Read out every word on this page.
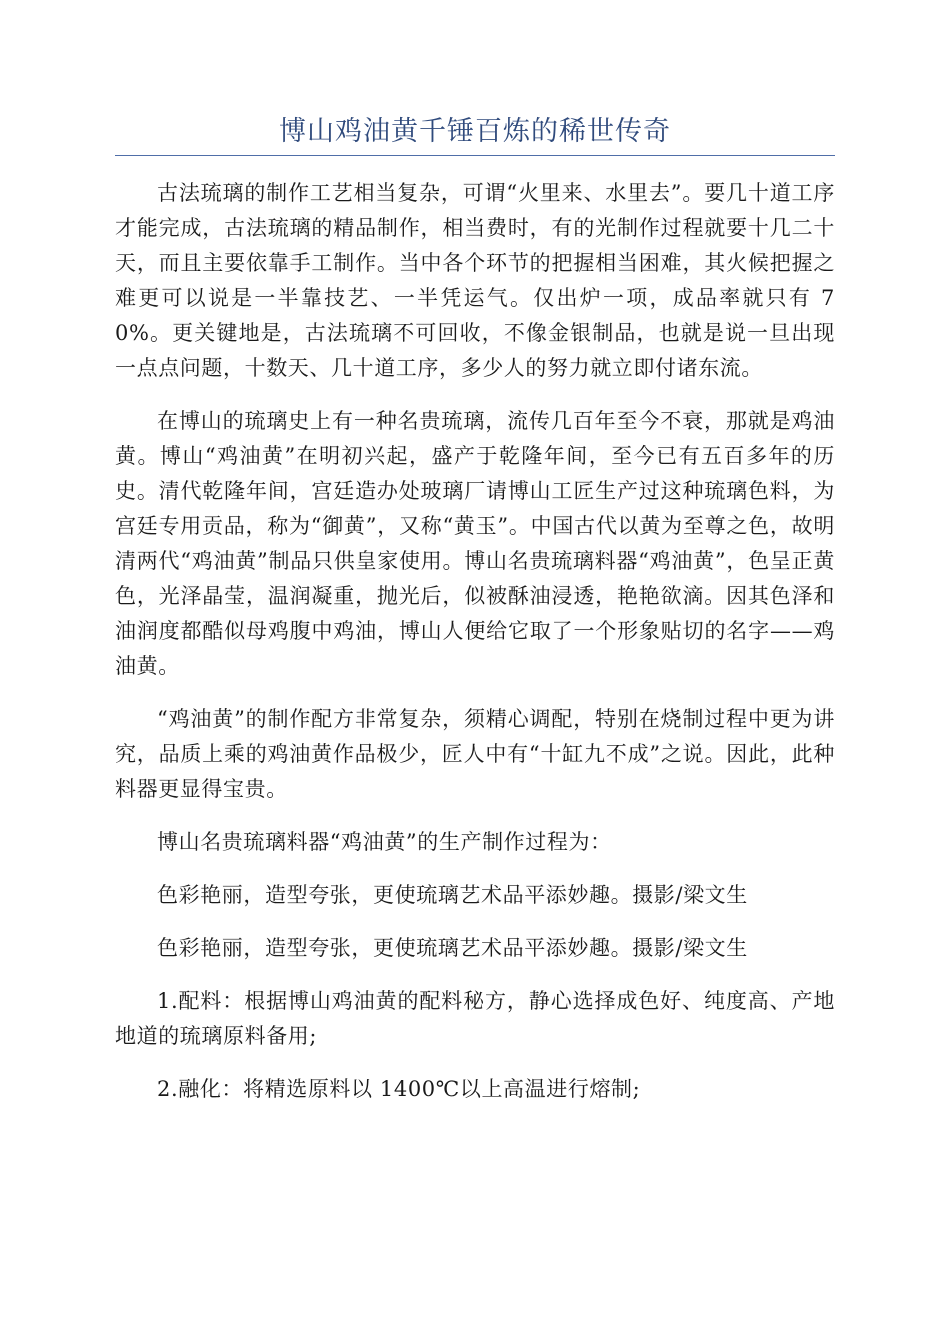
博山鸡油黄千锤百炼的稀世传奇

古法琉璃的制作工艺相当复杂，可谓“火里来、水里去”。要几十道工序才能完成，古法琉璃的精品制作，相当费时，有的光制作过程就要十几二十天，而且主要依靠手工制作。当中各个环节的把握相当困难，其火候把握之难更可以说是一半靠技艺、一半凭运气。仅出炉一项，成品率就只有 70%。更关键地是，古法琉璃不可回收，不像金银制品，也就是说一旦出现一点点问题，十数天、几十道工序，多少人的努力就立即付诸东流。

在博山的琉璃史上有一种名贵琉璃，流传几百年至今不衰，那就是鸡油黄。博山“鸡油黄”在明初兴起，盛产于乾隆年间，至今已有五百多年的历史。清代乾隆年间，宫廷造办处玻璃厂请博山工匠生产过这种琉璃色料，为宫廷专用贡品，称为“御黄”，又称“黄玉”。中国古代以黄为至尊之色，故明清两代“鸡油黄”制品只供皇家使用。博山名贵琉璃料器“鸡油黄”，色呈正黄色，光泽晶莹，温润凝重，抛光后，似被酥油浸透，艳艳欲滴。因其色泽和油润度都酷似母鸡腹中鸡油，博山人便给它取了一个形象贴切的名字——鸡油黄。

“鸡油黄”的制作配方非常复杂，须精心调配，特别在烧制过程中更为讲究，品质上乘的鸡油黄作品极少，匠人中有“十缸九不成”之说。因此，此种料器更显得宝贵。

博山名贵琉璃料器“鸡油黄”的生产制作过程为：

色彩艳丽，造型夸张，更使琉璃艺术品平添妙趣。摄影/梁文生

色彩艳丽，造型夸张，更使琉璃艺术品平添妙趣。摄影/梁文生

1.配料：根据博山鸡油黄的配料秘方，静心选择成色好、纯度高、产地地道的琉璃原料备用;

2.融化：将精选原料以 1400℃以上高温进行熔制;
